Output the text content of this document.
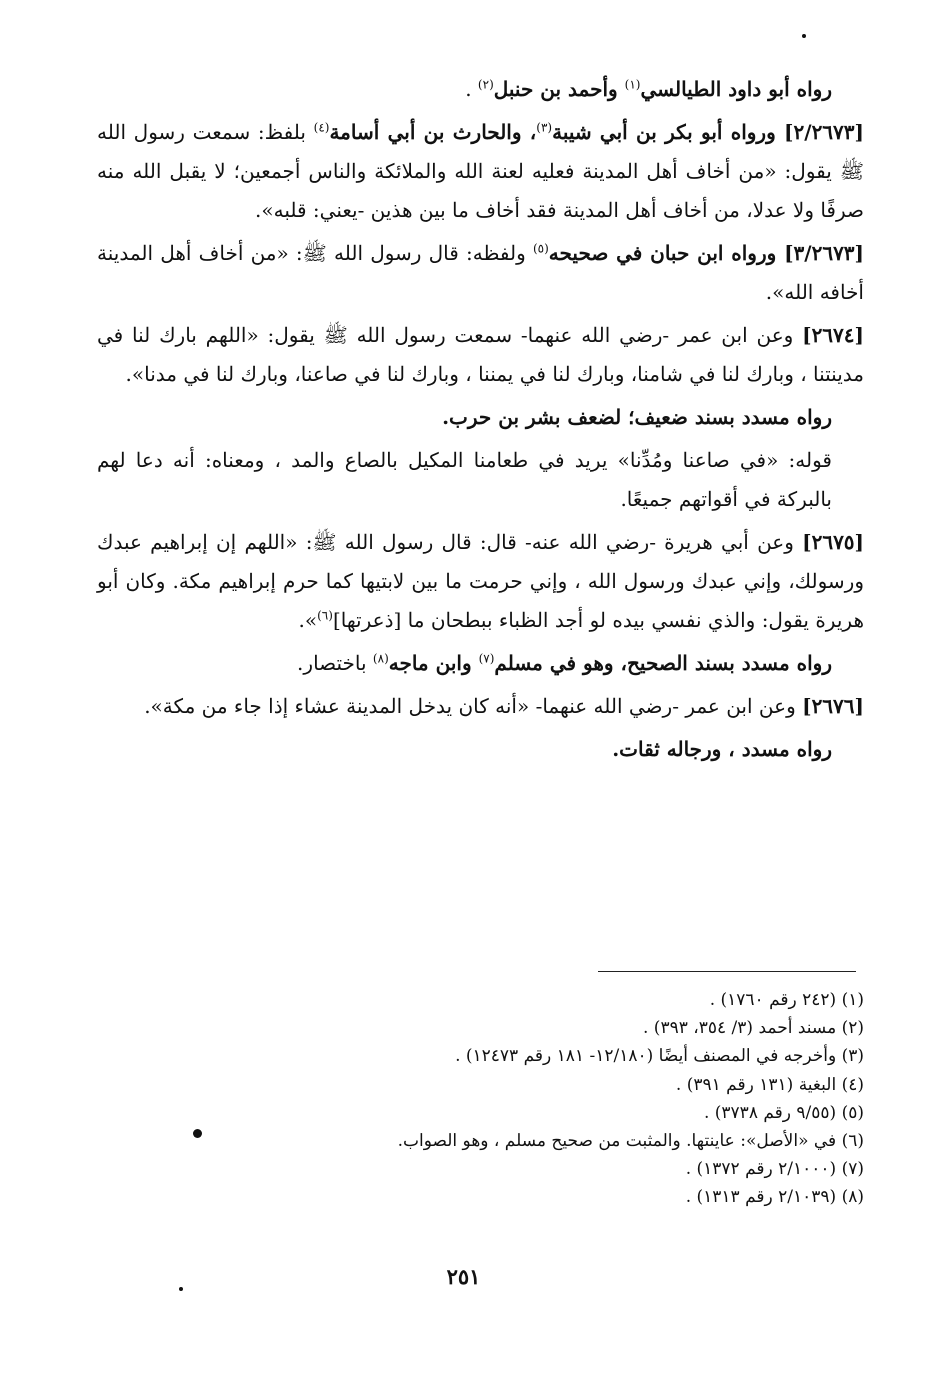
رواه أبو داود الطيالسي$^{(١)}$ وأحمد بن حنبل$^{(٢)}$ .

[٢/٢٦٧٣] ورواه أبو بكر بن أبي شيبة$^{(٣)}$، والحارث بن أبي أسامة$^{(٤)}$ بلفظ: سمعت رسول الله ﷺ يقول: «من أخاف أهل المدينة فعليه لعنة الله والملائكة والناس أجمعين؛ لا يقبل الله منه صرفًا ولا عدلا، من أخاف أهل المدينة فقد أخاف ما بين هذين -يعني: قلبه».

[٣/٢٦٧٣] ورواه ابن حبان في صحيحه$^{(٥)}$ ولفظه: قال رسول الله ﷺ: «من أخاف أهل المدينة أخافه الله».

[٢٦٧٤] وعن ابن عمر -رضي الله عنهما- سمعت رسول الله ﷺ يقول: «اللهم بارك لنا في مدينتنا ، وبارك لنا في شامنا، وبارك لنا في يمننا ، وبارك لنا في صاعنا، وبارك لنا في مدنا».

رواه مسدد بسند ضعيف؛ لضعف بشر بن حرب.

قوله: «في صاعنا ومُدِّنا» يريد في طعامنا المكيل بالصاع والمد ، ومعناه: أنه دعا لهم بالبركة في أقواتهم جميعًا.

[٢٦٧٥] وعن أبي هريرة -رضي الله عنه- قال: قال رسول الله ﷺ: «اللهم إن إبراهيم عبدك ورسولك، وإني عبدك ورسول الله ، وإني حرمت ما بين لابتيها كما حرم إبراهيم مكة. وكان أبو هريرة يقول: والذي نفسي بيده لو أجد الظباء ببطحان ما [ذعرتها]$^{(٦)}$».

رواه مسدد بسند الصحيح، وهو في مسلم$^{(٧)}$ وابن ماجه$^{(٨)}$ باختصار.

[٢٦٧٦] وعن ابن عمر -رضي الله عنهما- «أنه كان يدخل المدينة عشاء إذا جاء من مكة».

رواه مسدد ، ورجاله ثقات.

(١) (٢٤٢ رقم ١٧٦٠) .

(٢) مسند أحمد (٣/ ٣٥٤، ٣٩٣) .

(٣) وأخرجه في المصنف أيضًا (١٢/١٨٠- ١٨١ رقم ١٢٤٧٣) .

(٤) البغية (١٣١ رقم ٣٩١) .

(٥) (٩/٥٥ رقم ٣٧٣٨) .

(٦) في «الأصل»: عاينتها. والمثبت من صحيح مسلم ، وهو الصواب.

(٧) (٢/١٠٠٠ رقم ١٣٧٢) .

(٨) (٢/١٠٣٩ رقم ١٣١٣) .

٢٥١
